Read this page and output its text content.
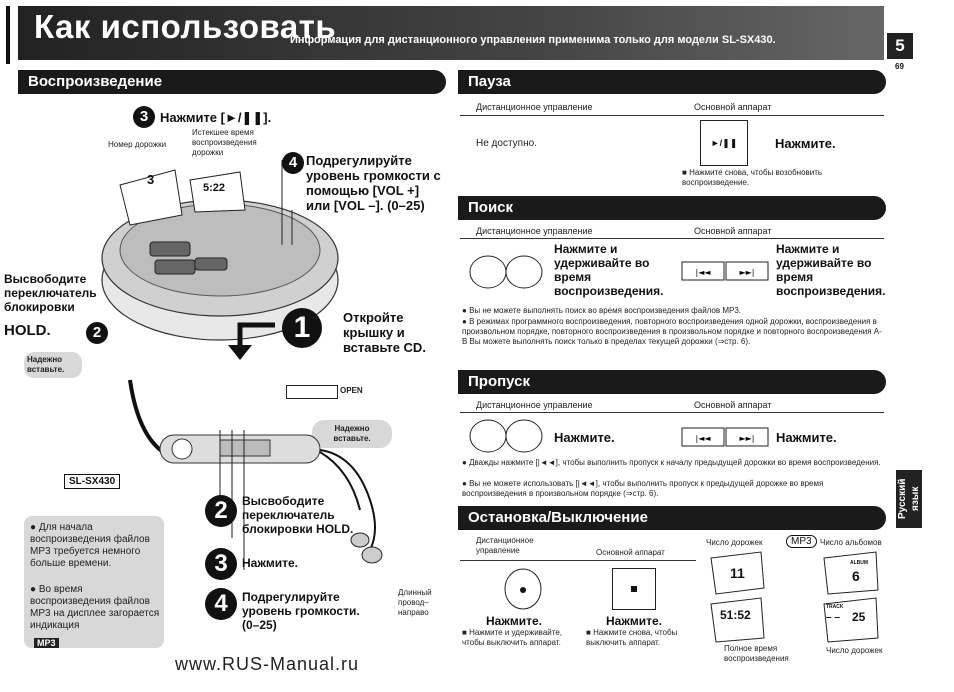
Как использовать
Информация для дистанционного управления применима только для модели SL-SX430.	5
69
Русский язык
Воспроизведение
3 Нажмите [►/❚❚].
Номер дорожки
Истекшее время воспроизведения дорожки
3
5:22
4 Подрегулируйте уровень громкости с помощью [VOL +] или [VOL –]. (0–25)
Высвободите переключатель блокировки
HOLD.	2
Надежно вставьте.
1	Откройте крышку и вставьте CD.
OPEN
Надежно вставьте.
SL-SX430
2	Высвободите переключатель блокировки HOLD.
3	Нажмите.
4	Подрегулируйте уровень громкости. (0–25)
Длинный провод– направо
● Для начала воспроизведения файлов MP3 требуется немного больше времени.
● Во время воспроизведения файлов MP3 на дисплее загорается индикация
MP3
www.RUS-Manual.ru
Пауза
Дистанционное управление	Основной аппарат
Не доступно.	►/❚❚	Нажмите.
■ Нажмите снова, чтобы возобновить воспроизведение.
Поиск
Дистанционное управление	Основной аппарат
Нажмите и удерживайте во время воспроизведения.
|◄◄	►►|
Нажмите и удерживайте во время воспроизведения.
● Вы не можете выполнять поиск во время воспроизведения файлов MP3.
● В режимах программного воспроизведения, повторного воспроизведения одной дорожки, воспроизведения в произвольном порядке, повторного воспроизведения в произвольном порядке и повторного воспроизведения A-B Вы можете выполнять поиск только в пределах текущей дорожки (⇒стр. 6).
Пропуск
Дистанционное управление	Основной аппарат
Нажмите.	|◄◄	►►| Нажмите.
● Дважды нажмите [|◄◄], чтобы выполнить пропуск к началу предыдущей дорожки во время воспроизведения.
● Вы не можете использовать [|◄◄], чтобы выполнить пропуск к предыдущей дорожке во время воспроизведения в произвольном порядке (⇒стр. 6).
Остановка/Выключение
Дистанционное управление	Основной аппарат
Нажмите.	Нажмите.
■ Нажмите и удерживайте, чтобы выключить аппарат.
■ Нажмите снова, чтобы выключить аппарат.
Число дорожек	MP3	Число альбомов
11
51:52
ALBUM
6
TRACK
– – 25
Полное время воспроизведения
Число дорожек
